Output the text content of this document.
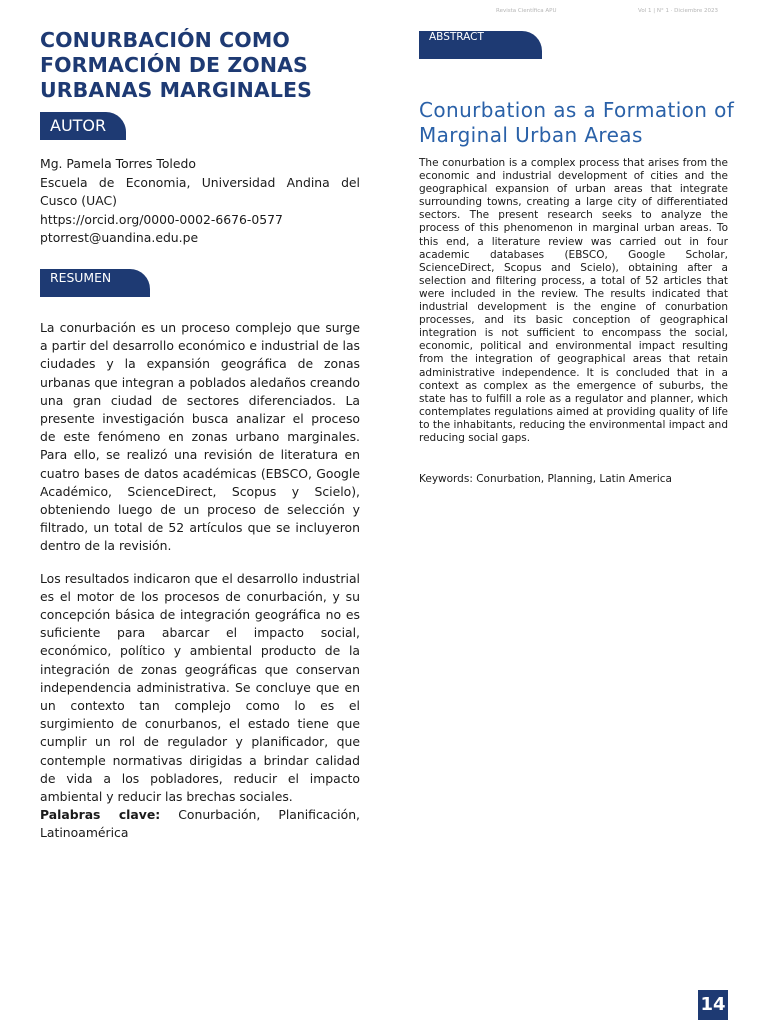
Revista Científica APU	Vol 1 | N° 1 · Diciembre 2023
CONURBACIÓN COMO
FORMACIÓN DE ZONAS
URBANAS MARGINALES
AUTOR
Mg. Pamela Torres Toledo
Escuela de Economia, Universidad Andina del
Cusco (UAC)
https://orcid.org/0000-0002-6676-0577
ptorrest@uandina.edu.pe
RESUMEN

La conurbación es un proceso complejo que surge a partir del desarrollo económico e industrial de las ciudades y la expansión geográfica de zonas urbanas que integran a poblados aledaños creando una gran ciudad de sectores diferenciados. La presente investigación busca analizar el proceso de este fenómeno en zonas urbano marginales. Para ello, se realizó una revisión de literatura en cuatro bases de datos académicas (EBSCO, Google Académico, ScienceDirect, Scopus y Scielo), obteniendo luego de un proceso de selección y filtrado, un total de 52 artículos que se incluyeron dentro de la revisión.

Los resultados indicaron que el desarrollo industrial es el motor de los procesos de conurbación, y su concepción básica de integración geográfica no es suficiente para abarcar el impacto social, económico, político y ambiental producto de la integración de zonas geográficas que conservan independencia administrativa. Se concluye que en un contexto tan complejo como lo es el surgimiento de conurbanos, el estado tiene que cumplir un rol de regulador y planificador, que contemple normativas dirigidas a brindar calidad de vida a los pobladores, reducir el impacto ambiental y reducir las brechas sociales.

Palabras clave: Conurbación, Planificación, Latinoamérica

ABSTRACT
Conurbation as a Formation of Marginal Urban Areas

The conurbation is a complex process that arises from the economic and industrial development of cities and the geographical expansion of urban areas that integrate surrounding towns, creating a large city of differentiated sectors. The present research seeks to analyze the process of this phenomenon in marginal urban areas. To this end, a literature review was carried out in four academic databases (EBSCO, Google Scholar, ScienceDirect, Scopus and Scielo), obtaining after a selection and filtering process, a total of 52 articles that were included in the review. The results indicated that industrial development is the engine of conurbation processes, and its basic conception of geographical integration is not sufficient to encompass the social, economic, political and environmental impact resulting from the integration of geographical areas that retain administrative independence. It is concluded that in a context as complex as the emergence of suburbs, the state has to fulfill a role as a regulator and planner, which contemplates regulations aimed at providing quality of life to the inhabitants, reducing the environmental impact and reducing social gaps.

Keywords: Conurbation, Planning, Latin America
14
